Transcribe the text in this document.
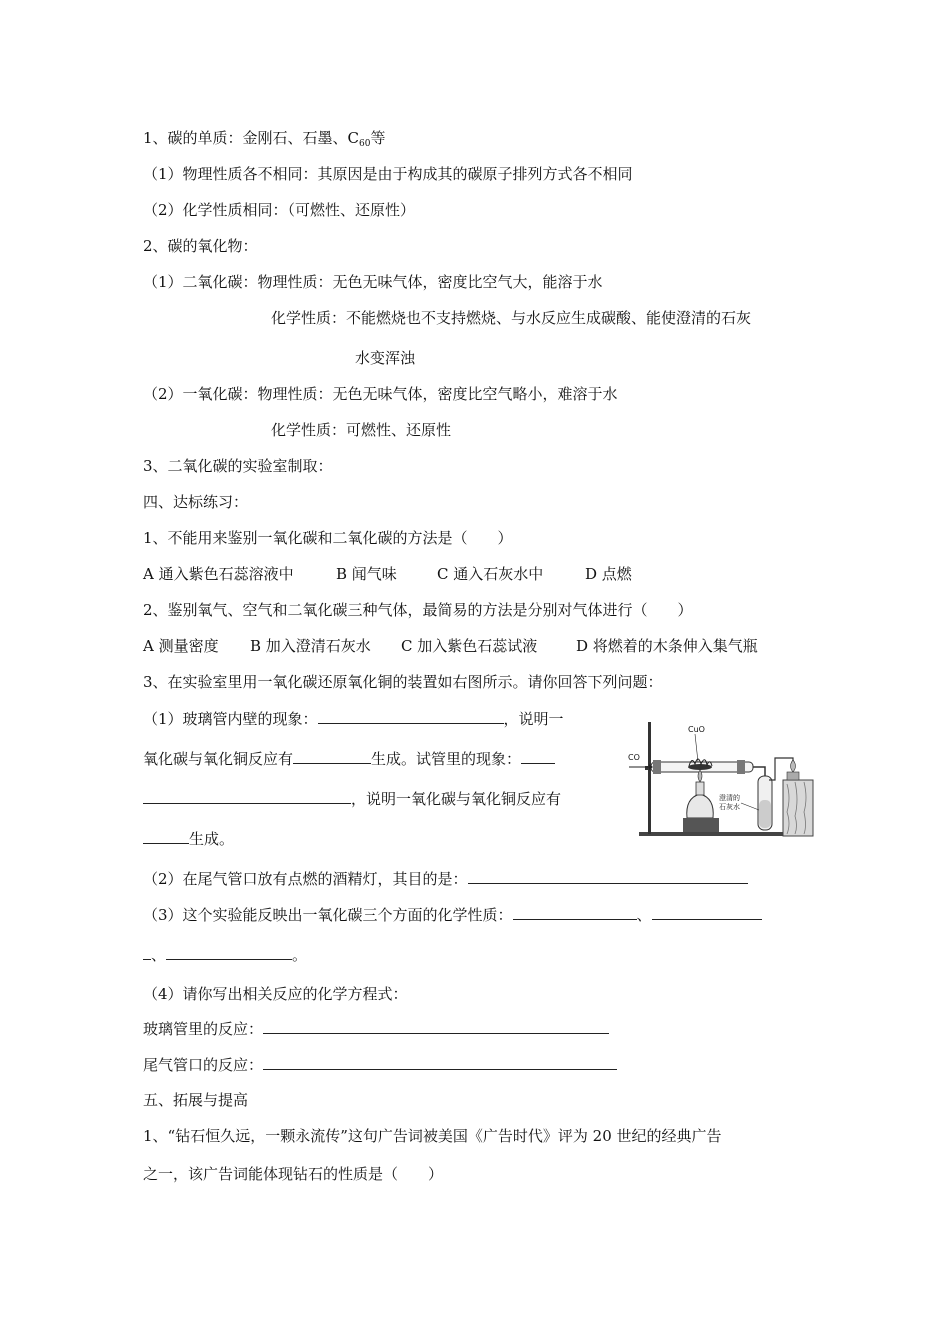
1、碳的单质：金刚石、石墨、$C_{60}$等
（1）物理性质各不相同：其原因是由于构成其的碳原子排列方式各不相同
（2）化学性质相同：（可燃性、还原性）
2、碳的氧化物：
（1）二氧化碳：物理性质：无色无味气体，密度比空气大，能溶于水
化学性质：不能燃烧也不支持燃烧、与水反应生成碳酸、能使澄清的石灰
水变浑浊
（2）一氧化碳：物理性质：无色无味气体，密度比空气略小，难溶于水
化学性质：可燃性、还原性
3、二氧化碳的实验室制取：
四、达标练习：
1、不能用来鉴别一氧化碳和二氧化碳的方法是（　　）
A 通入紫色石蕊溶液中	B 闻气味	C 通入石灰水中	D 点燃
2、鉴别氧气、空气和二氧化碳三种气体，最简易的方法是分别对气体进行（　　）
A 测量密度 B 加入澄清石灰水 C 加入紫色石蕊试液	D 将燃着的木条伸入集气瓶
3、在实验室里用一氧化碳还原氧化铜的装置如右图所示。请你回答下列问题：
（1）玻璃管内壁的现象：	，说明一
氧化碳与氧化铜反应有	生成。试管里的现象：
，说明一氧化碳与氧化铜反应有
生成。
CO
CuO
澄清的
石灰水
（2）在尾气管口放有点燃的酒精灯，其目的是：
（3）这个实验能反映出一氧化碳三个方面的化学性质：	、
、	。
（4）请你写出相关反应的化学方程式：
玻璃管里的反应：
尾气管口的反应：
五、拓展与提高
1、“钻石恒久远，一颗永流传”这句广告词被美国《广告时代》评为 20 世纪的经典广告
之一，该广告词能体现钻石的性质是（　　）
